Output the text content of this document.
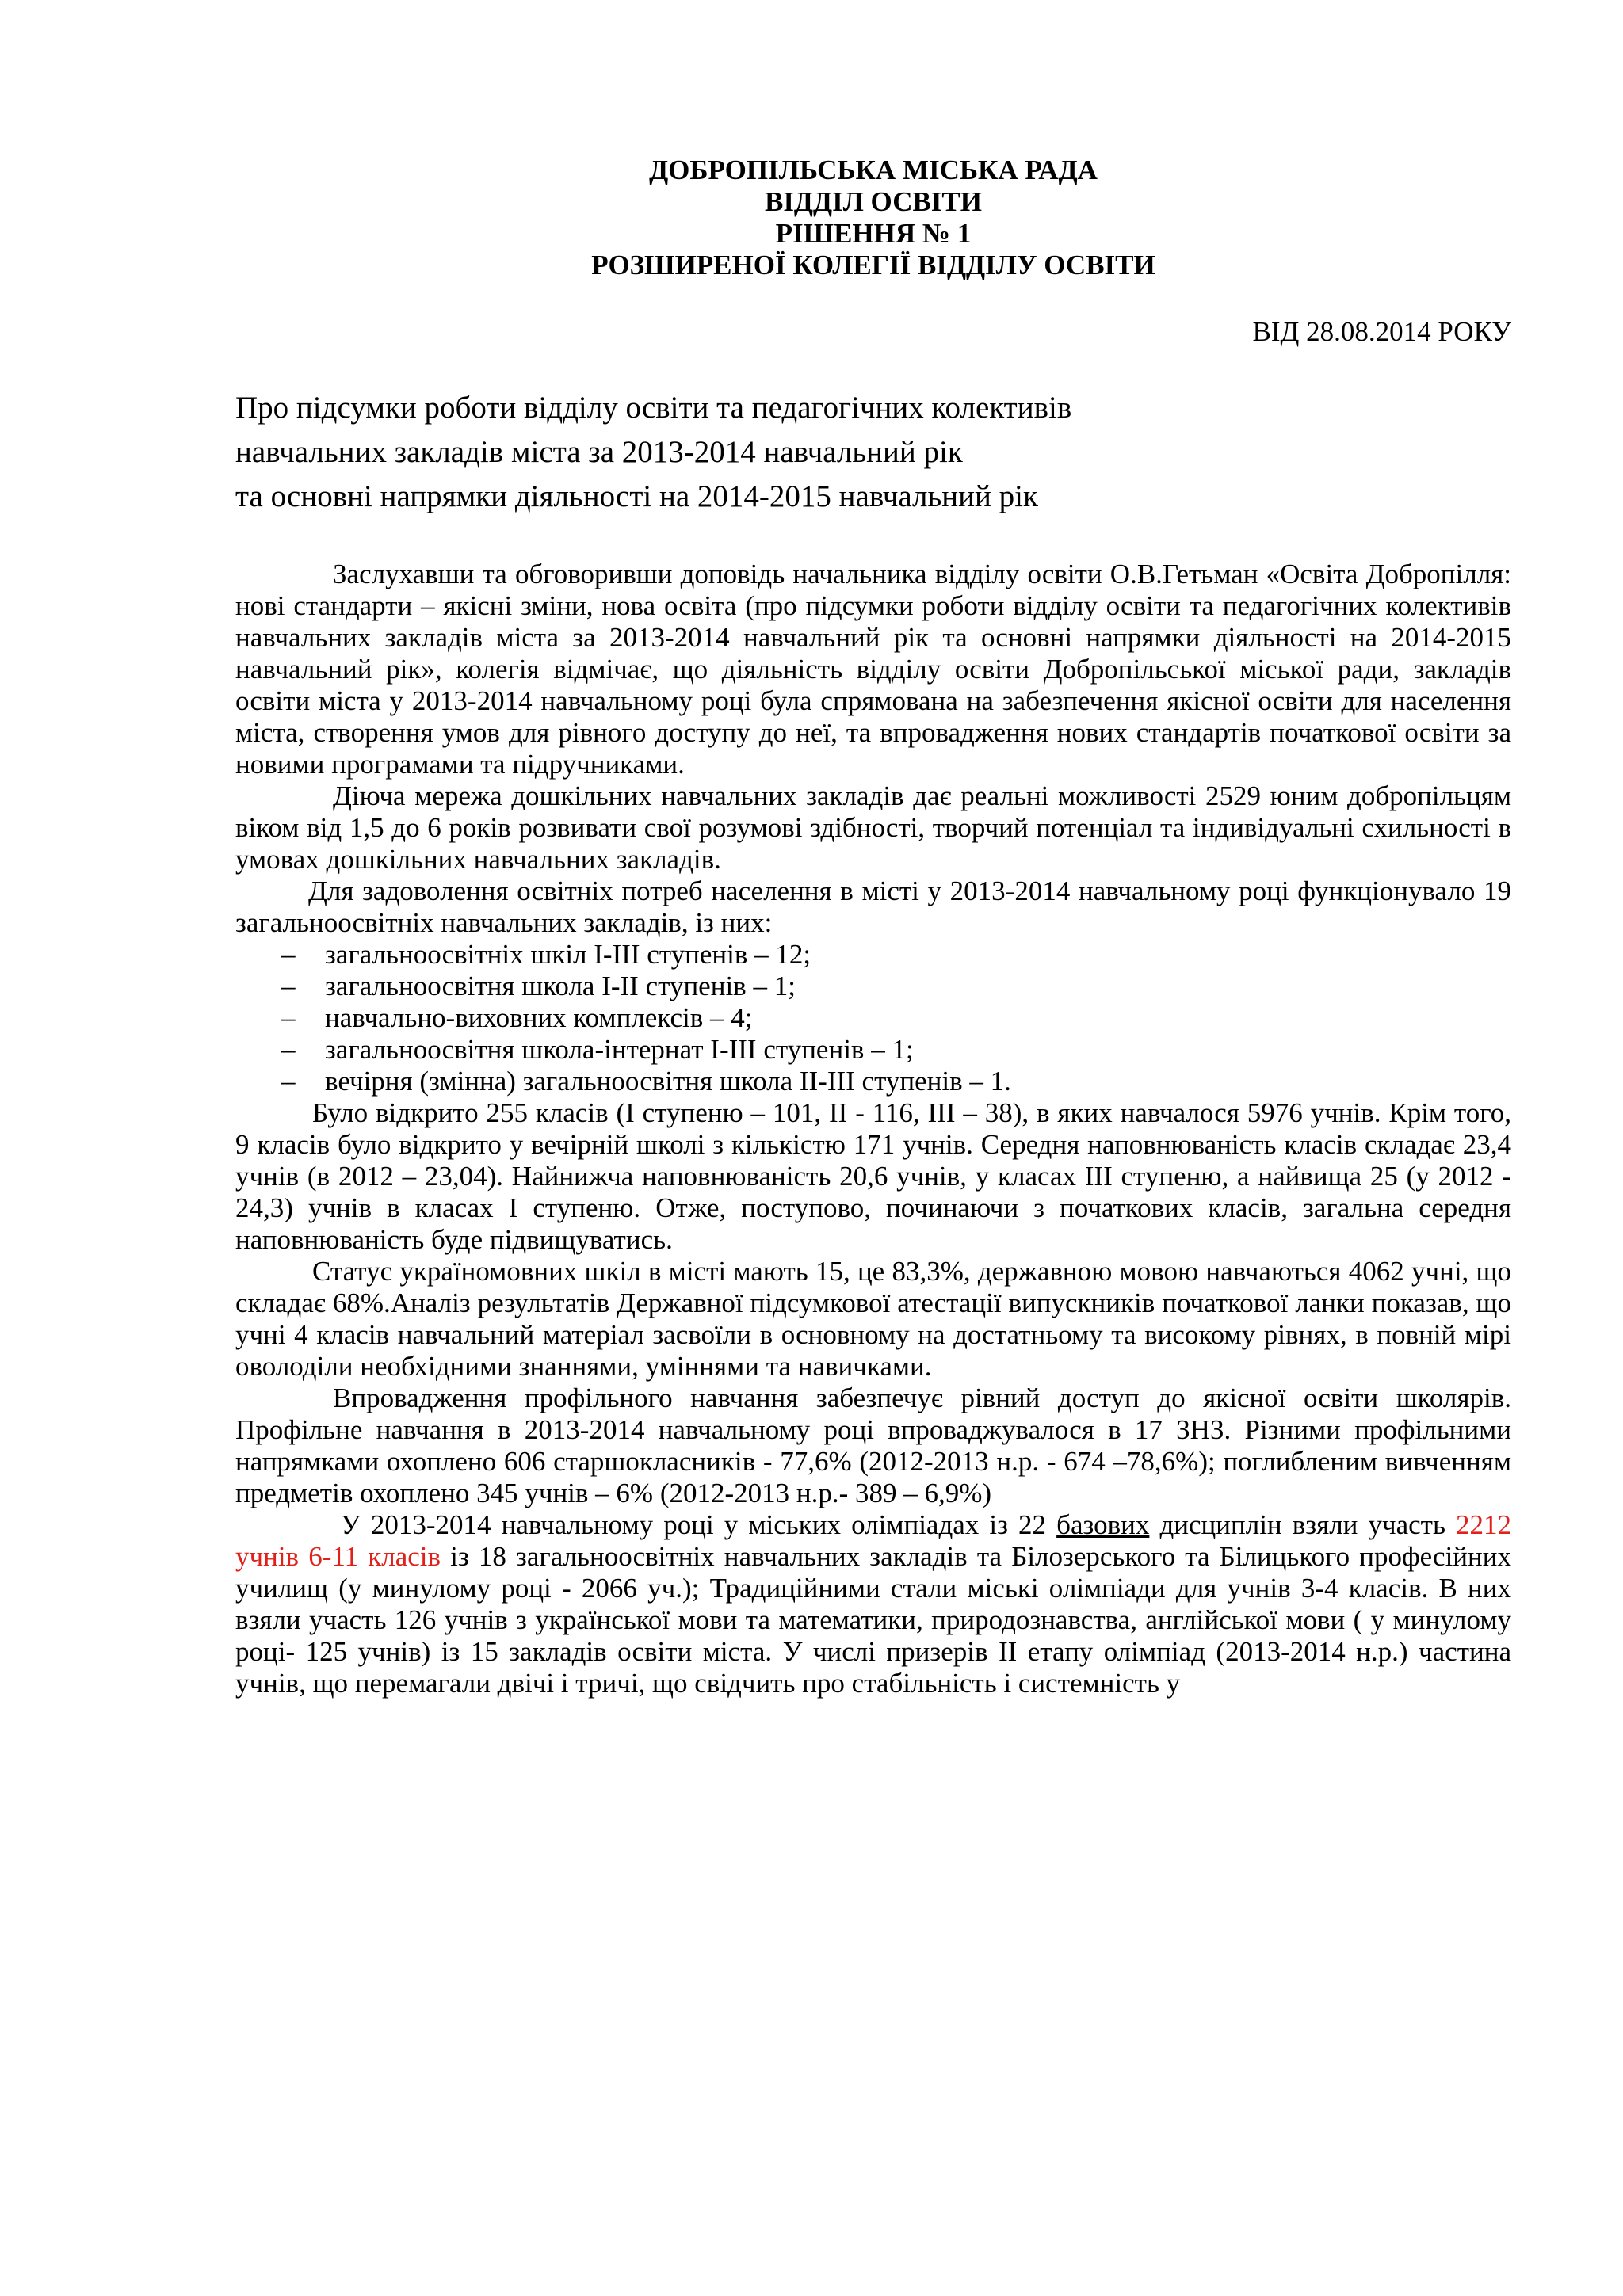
ДОБРОПІЛЬСЬКА МІСЬКА РАДА
ВІДДІЛ ОСВІТИ
РІШЕННЯ № 1
РОЗШИРЕНОЇ КОЛЕГІЇ ВІДДІЛУ ОСВІТИ
ВІД 28.08.2014 РОКУ
Про підсумки роботи відділу освіти та педагогічних колективів
навчальних закладів міста за 2013-2014 навчальний рік
та основні напрямки діяльності на 2014-2015 навчальний рік

Заслухавши та обговоривши доповідь начальника відділу освіти О.В.Гетьман «Освіта Добропілля: нові стандарти – якісні зміни, нова освіта (про підсумки роботи відділу освіти та педагогічних колективів навчальних закладів міста за 2013-2014 навчальний рік та основні напрямки діяльності на 2014-2015 навчальний рік», колегія відмічає, що діяльність відділу освіти Добропільської міської ради, закладів освіти міста у 2013-2014 навчальному році була спрямована на забезпечення якісної освіти для населення міста, створення умов для рівного доступу до неї, та впровадження нових стандартів початкової освіти за новими програмами та підручниками.

Діюча мережа дошкільних навчальних закладів дає реальні можливості 2529 юним добропільцям віком від 1,5 до 6 років розвивати свої розумові здібності, творчий потенціал та індивідуальні схильності в умовах дошкільних навчальних закладів.

Для задоволення освітніх потреб населення в місті у 2013-2014 навчальному році функціонувало 19 загальноосвітніх навчальних закладів, із них:

– загальноосвітніх шкіл І-ІІІ ступенів – 12;
– загальноосвітня школа І-ІІ ступенів – 1;
– навчально-виховних комплексів – 4;
– загальноосвітня школа-інтернат І-ІІІ ступенів – 1;
– вечірня (змінна) загальноосвітня школа ІІ-ІІІ ступенів – 1.

Було відкрито 255 класів (І ступеню – 101, ІІ - 116, ІІІ – 38), в яких навчалося 5976 учнів. Крім того, 9 класів було відкрито у вечірній школі з кількістю 171 учнів. Середня наповнюваність класів складає 23,4 учнів (в 2012 – 23,04). Найнижча наповнюваність 20,6 учнів, у класах ІІІ ступеню, а найвища 25 (у 2012 - 24,3) учнів в класах І ступеню. Отже, поступово, починаючи з початкових класів, загальна середня наповнюваність буде підвищуватись.

Статус україномовних шкіл в місті мають 15, це 83,3%, державною мовою навчаються 4062 учні, що складає 68%.Аналіз результатів Державної підсумкової атестації випускників початкової ланки показав, що учні 4 класів навчальний матеріал засвоїли в основному на достатньому та високому рівнях, в повній мірі оволоділи необхідними знаннями, уміннями та навичками.

Впровадження профільного навчання забезпечує рівний доступ до якісної освіти школярів. Профільне навчання в 2013-2014 навчальному році впроваджувалося в 17 ЗНЗ. Різними профільними напрямками охоплено 606 старшокласників - 77,6% (2012-2013 н.р. - 674 –78,6%); поглибленим вивченням предметів охоплено 345 учнів – 6% (2012-2013 н.р.- 389 – 6,9%)

У 2013-2014 навчальному році у міських олімпіадах із 22 базових дисциплін взяли участь 2212 учнів 6-11 класів із 18 загальноосвітніх навчальних закладів та Білозерського та Білицького професійних училищ (у минулому році - 2066 уч.); Традиційними стали міські олімпіади для учнів 3-4 класів. В них взяли участь 126 учнів з української мови та математики, природознавства, англійської мови ( у минулому році- 125 учнів) із 15 закладів освіти міста. У числі призерів ІІ етапу олімпіад (2013-2014 н.р.) частина учнів, що перемагали двічі і тричі, що свідчить про стабільність і системність у
